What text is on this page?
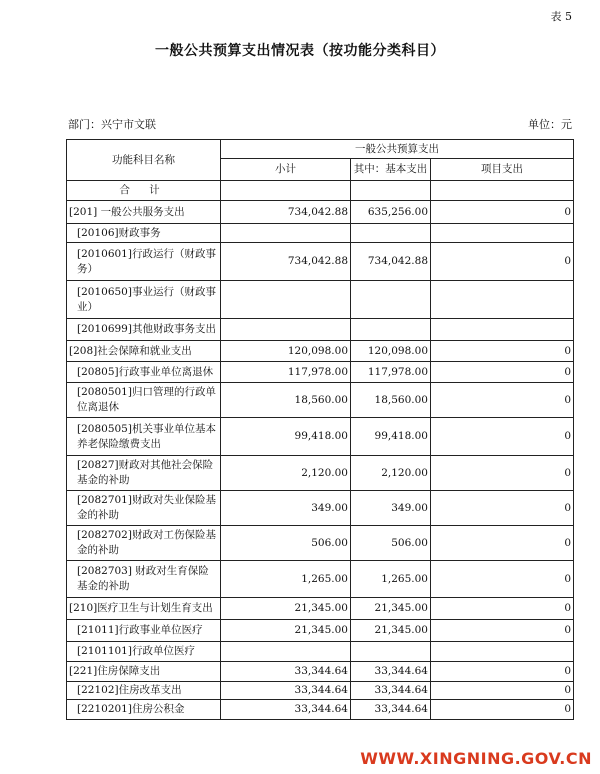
表 5
一般公共预算支出情况表（按功能分类科目）
部门：兴宁市文联	单位：元
功能科目名称	一般公共预算支出		
	小计	其中：基本支出	项目支出
合 计			
[201] 一般公共服务支出	734,042.88	635,256.00	0
[20106]财政事务			
[2010601]行政运行（财政事务）	734,042.88	734,042.88	0
[2010650]事业运行（财政事业）			
[2010699]其他财政事务支出			
[208]社会保障和就业支出	120,098.00	120,098.00	0
[20805]行政事业单位离退休	117,978.00	117,978.00	0
[2080501]归口管理的行政单位离退休	18,560.00	18,560.00	0
[2080505]机关事业单位基本养老保险缴费支出	99,418.00	99,418.00	0
[20827]财政对其他社会保险基金的补助	2,120.00	2,120.00	0
[2082701]财政对失业保险基金的补助	349.00	349.00	0
[2082702]财政对工伤保险基金的补助	506.00	506.00	0
[2082703] 财政对生育保险基金的补助	1,265.00	1,265.00	0
[210]医疗卫生与计划生育支出	21,345.00	21,345.00	0
[21011]行政事业单位医疗	21,345.00	21,345.00	0
[2101101]行政单位医疗			
[221]住房保障支出	33,344.64	33,344.64	0
[22102]住房改革支出	33,344.64	33,344.64	0
[2210201]住房公积金	33,344.64	33,344.64	0
WWW.XINGNING.GOV.CN
